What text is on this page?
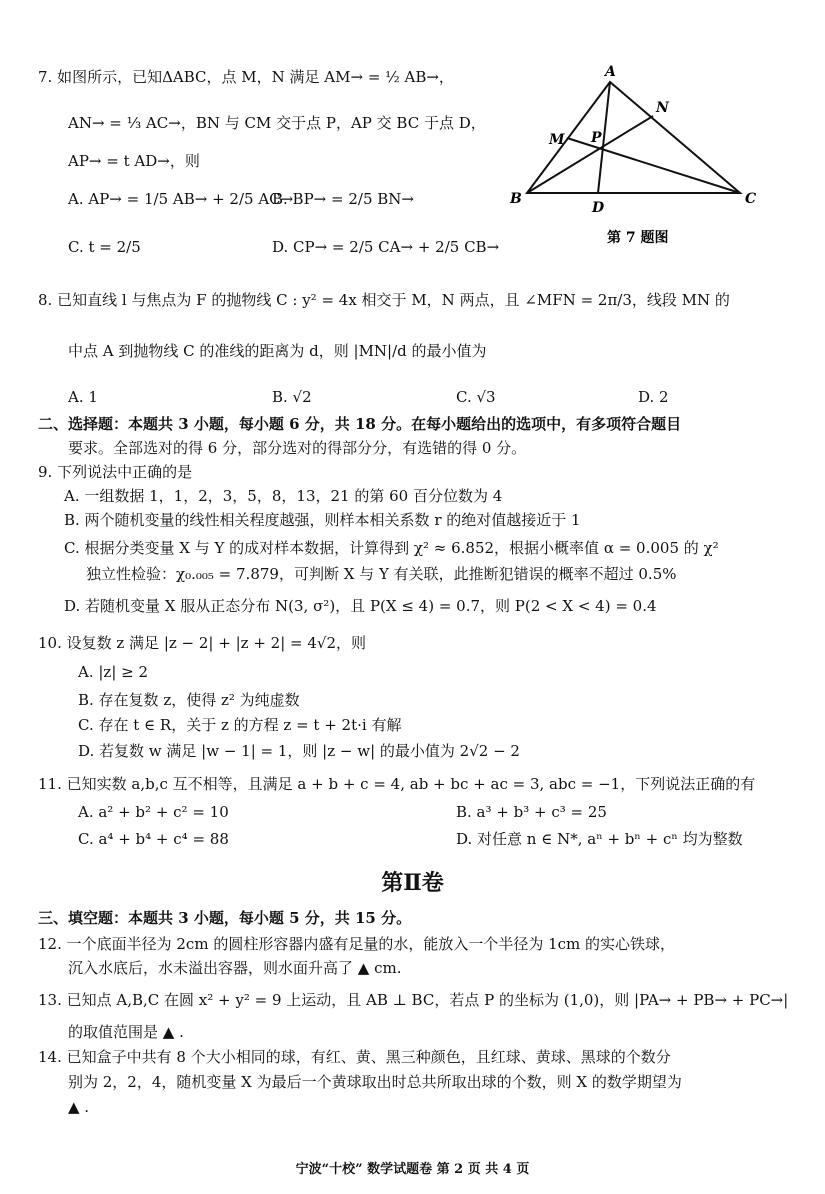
7. 如图所示，已知ΔABC，点 M，N 满足 AM→ = ½ AB→，
AN→ = ⅓ AC→，BN 与 CM 交于点 P，AP 交 BC 于点 D，
AP→ = t AD→，则
A. AP→ = 1/5 AB→ + 2/5 AC→
B. BP→ = 2/5 BN→
C. t = 2/5	D. CP→ = 2/5 CA→ + 2/5 CB→
A
B	C
D
M
N
P
第 7 题图
8. 已知直线 l 与焦点为 F 的抛物线 C : y² = 4x 相交于 M，N 两点，且 ∠MFN = 2π/3，线段 MN 的
中点 A 到抛物线 C 的准线的距离为 d，则 |MN|/d 的最小值为
A. 1	B. √2	C. √3	D. 2
二、选择题：本题共 3 小题，每小题 6 分，共 18 分。在每小题给出的选项中，有多项符合题目
要求。全部选对的得 6 分，部分选对的得部分分，有选错的得 0 分。
9. 下列说法中正确的是
A. 一组数据 1，1，2，3，5，8，13，21 的第 60 百分位数为 4
B. 两个随机变量的线性相关程度越强，则样本相关系数 r 的绝对值越接近于 1
C. 根据分类变量 X 与 Y 的成对样本数据，计算得到 χ² ≈ 6.852，根据小概率值 α = 0.005 的 χ²
独立性检验：χ₀.₀₀₅ = 7.879，可判断 X 与 Y 有关联，此推断犯错误的概率不超过 0.5%
D. 若随机变量 X 服从正态分布 N(3, σ²)，且 P(X ≤ 4) = 0.7，则 P(2 < X < 4) = 0.4
10. 设复数 z 满足 |z − 2| + |z + 2| = 4√2，则
A. |z| ≥ 2
B. 存在复数 z，使得 z² 为纯虚数
C. 存在 t ∈ R，关于 z 的方程 z = t + 2t·i 有解
D. 若复数 w 满足 |w − 1| = 1，则 |z − w| 的最小值为 2√2 − 2
11. 已知实数 a,b,c 互不相等，且满足 a + b + c = 4, ab + bc + ac = 3, abc = −1，下列说法正确的有
A. a² + b² + c² = 10	B. a³ + b³ + c³ = 25
C. a⁴ + b⁴ + c⁴ = 88	D. 对任意 n ∈ N*, aⁿ + bⁿ + cⁿ 均为整数
第Ⅱ卷
三、填空题：本题共 3 小题，每小题 5 分，共 15 分。
12. 一个底面半径为 2cm 的圆柱形容器内盛有足量的水，能放入一个半径为 1cm 的实心铁球，
沉入水底后，水未溢出容器，则水面升高了 ▲ cm.
13. 已知点 A,B,C 在圆 x² + y² = 9 上运动，且 AB ⊥ BC，若点 P 的坐标为 (1,0)，则 |PA→ + PB→ + PC→|
的取值范围是 ▲ .
14. 已知盒子中共有 8 个大小相同的球，有红、黄、黑三种颜色，且红球、黄球、黑球的个数分
别为 2，2，4，随机变量 X 为最后一个黄球取出时总共所取出球的个数，则 X 的数学期望为
▲ .
宁波“十校” 数学试题卷 第 2 页 共 4 页
